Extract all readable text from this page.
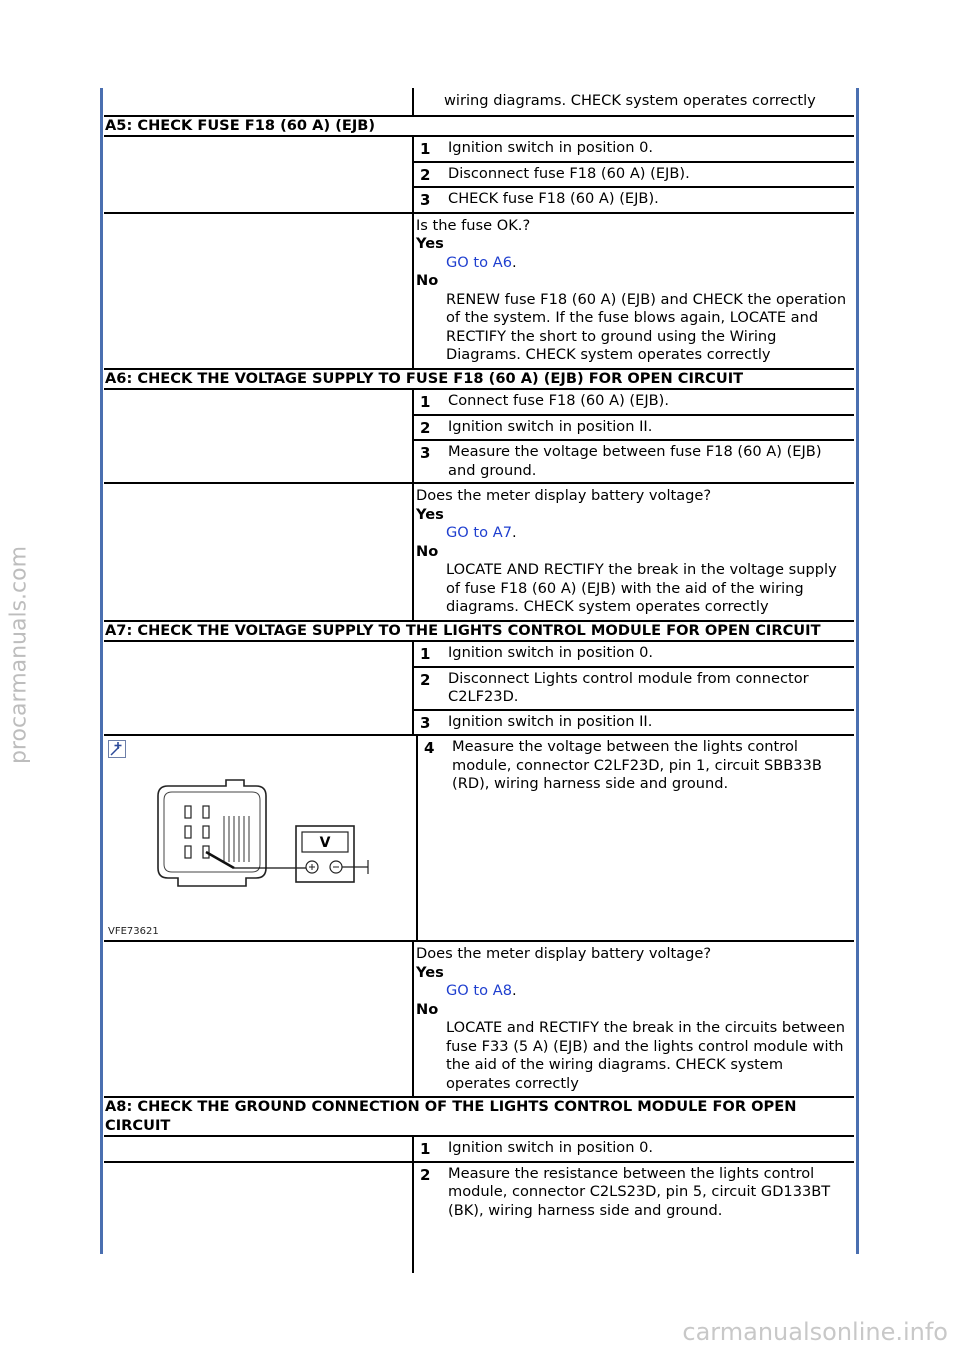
procarmanuals.com
carmanualsonline.info
wiring diagrams. CHECK system operates correctly
A5: CHECK FUSE F18 (60 A) (EJB)
1	Ignition switch in position 0.
2	Disconnect fuse F18 (60 A) (EJB).
3	CHECK fuse F18 (60 A) (EJB).
Is the fuse OK.?
Yes
GO to A6.
No
RENEW fuse F18 (60 A) (EJB) and CHECK the operation of the system. If the fuse blows again, LOCATE and RECTIFY the short to ground using the Wiring Diagrams. CHECK system operates correctly
A6: CHECK THE VOLTAGE SUPPLY TO FUSE F18 (60 A) (EJB) FOR OPEN CIRCUIT
1	Connect fuse F18 (60 A) (EJB).
2	Ignition switch in position II.
3	Measure the voltage between fuse F18 (60 A) (EJB) and ground.
Does the meter display battery voltage?
Yes
GO to A7.
No
LOCATE AND RECTIFY the break in the voltage supply of fuse F18 (60 A) (EJB) with the aid of the wiring diagrams. CHECK system operates correctly
A7: CHECK THE VOLTAGE SUPPLY TO THE LIGHTS CONTROL MODULE FOR OPEN CIRCUIT
1	Ignition switch in position 0.
2	Disconnect Lights control module from connector C2LF23D.
3	Ignition switch in position II.
V
VFE73621
4	Measure the voltage between the lights control module, connector C2LF23D, pin 1, circuit SBB33B (RD), wiring harness side and ground.
Does the meter display battery voltage?
Yes
GO to A8.
No
LOCATE and RECTIFY the break in the circuits between fuse F33 (5 A) (EJB) and the lights control module with the aid of the wiring diagrams. CHECK system operates correctly
A8: CHECK THE GROUND CONNECTION OF THE LIGHTS CONTROL MODULE FOR OPEN CIRCUIT
1	Ignition switch in position 0.
2	Measure the resistance between the lights control module, connector C2LS23D, pin 5, circuit GD133BT (BK), wiring harness side and ground.
